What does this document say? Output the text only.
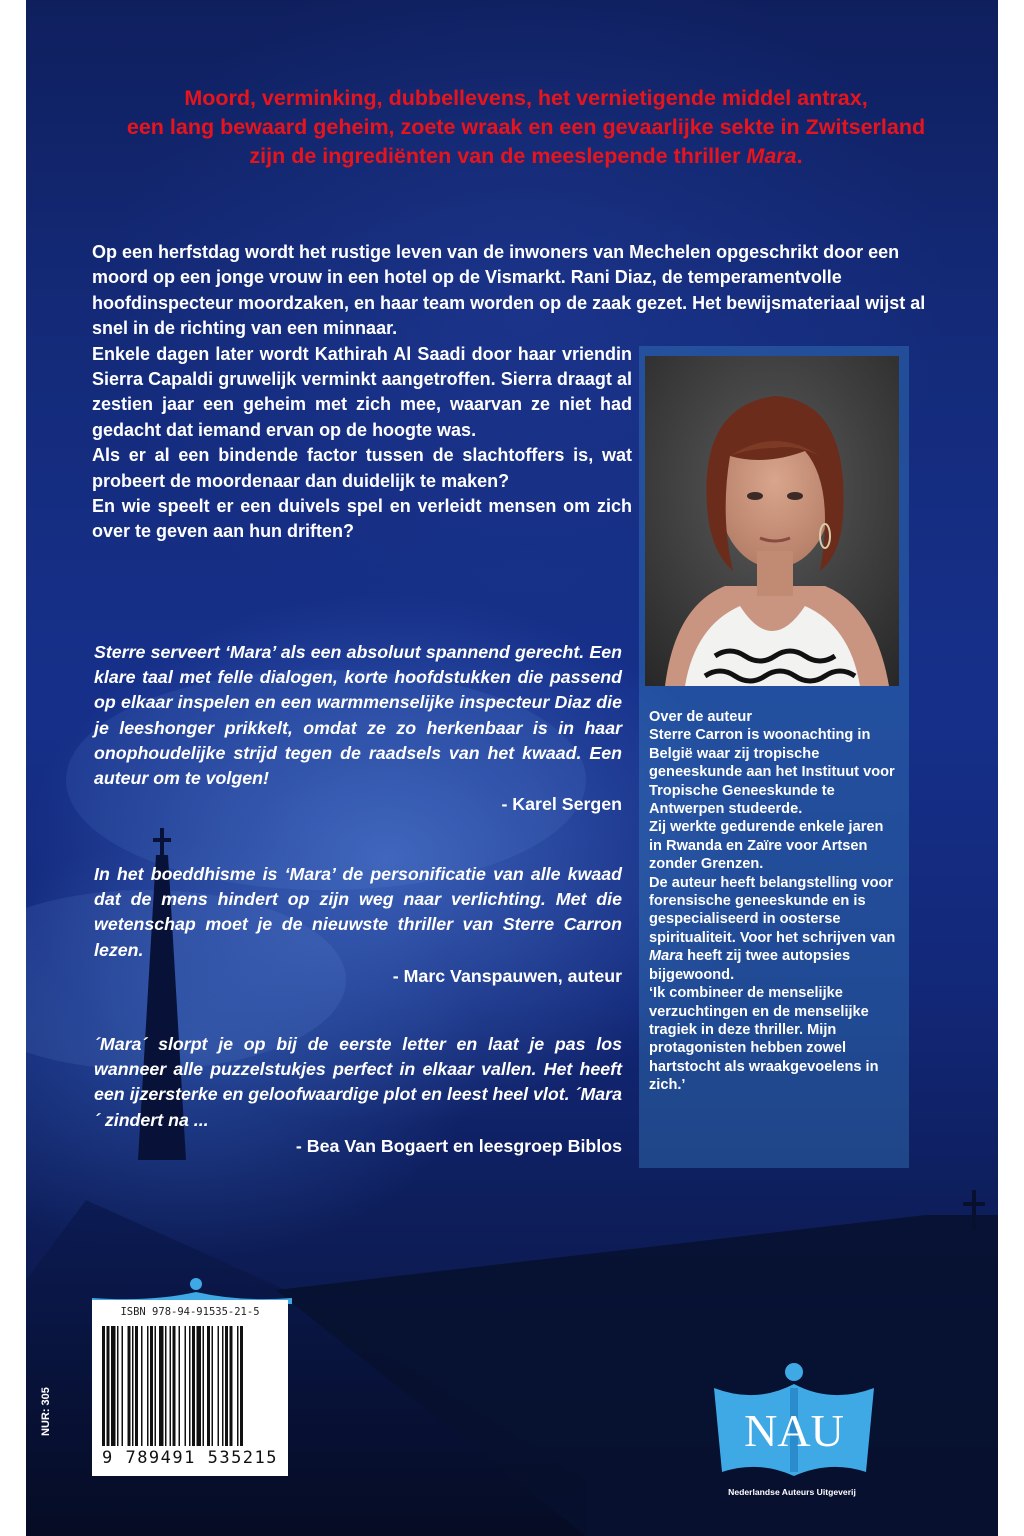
Moord, verminking, dubbellevens, het vernietigende middel antrax,
een lang bewaard geheim, zoete wraak en een gevaarlijke sekte in Zwitserland
zijn de ingrediënten van de meeslepende thriller Mara.

Op een herfstdag wordt het rustige leven van de inwoners van Mechelen opgeschrikt door een moord op een jonge vrouw in een hotel op de Vismarkt. Rani Diaz, de temperamentvolle hoofdinspecteur moordzaken, en haar team worden op de zaak gezet. Het bewijsmateriaal wijst al snel in de richting van een minnaar.

Enkele dagen later wordt Kathirah Al Saadi door haar vriendin Sierra Capaldi gruwelijk verminkt aangetroffen. Sierra draagt al zestien jaar een geheim met zich mee, waarvan ze niet had gedacht dat iemand ervan op de hoogte was.

Als er al een bindende factor tussen de slachtoffers is, wat probeert de moordenaar dan duidelijk te maken?

En wie speelt er een duivels spel en verleidt mensen om zich over te geven aan hun driften?

Sterre serveert ‘Mara’ als een absoluut spannend gerecht. Een klare taal met felle dialogen, korte hoofdstukken die passend op elkaar inspelen en een warmmenselijke inspecteur Diaz die je leeshonger prikkelt, omdat ze zo herkenbaar is in haar onophoudelijke strijd tegen de raadsels van het kwaad. Een auteur om te volgen!

- Karel Sergen

In het boeddhisme is ‘Mara’ de personificatie van alle kwaad dat de mens hindert op zijn weg naar verlichting. Met die wetenschap moet je de nieuwste thriller van Sterre Carron lezen.

- Marc Vanspauwen, auteur

´Mara´ slorpt je op bij de eerste letter en laat je pas los wanneer alle puzzelstukjes perfect in elkaar vallen. Het heeft een ijzersterke en geloofwaardige plot en leest heel vlot. ´Mara´ zindert na ...

- Bea Van Bogaert en leesgroep Biblos

Over de auteur

Sterre Carron is woonachting in België waar zij tropische geneeskunde aan het Instituut voor Tropische Geneeskunde te Antwerpen studeerde.

Zij werkte gedurende enkele jaren in Rwanda en Zaïre voor Artsen zonder Grenzen.

De auteur heeft belangstelling voor forensische geneeskunde en is gespecialiseerd in oosterse spiritualiteit. Voor het schrijven van Mara heeft zij twee autopsies bijgewoond.

‘Ik combineer de menselijke verzuchtingen en de menselijke tragiek in deze thriller. Mijn protagonisten hebben zowel hartstocht als wraakgevoelens in zich.’

ISBN 978-94-91535-21-5
9 789491 535215
NUR: 305	NAU
Nederlandse Auteurs Uitgeverij
